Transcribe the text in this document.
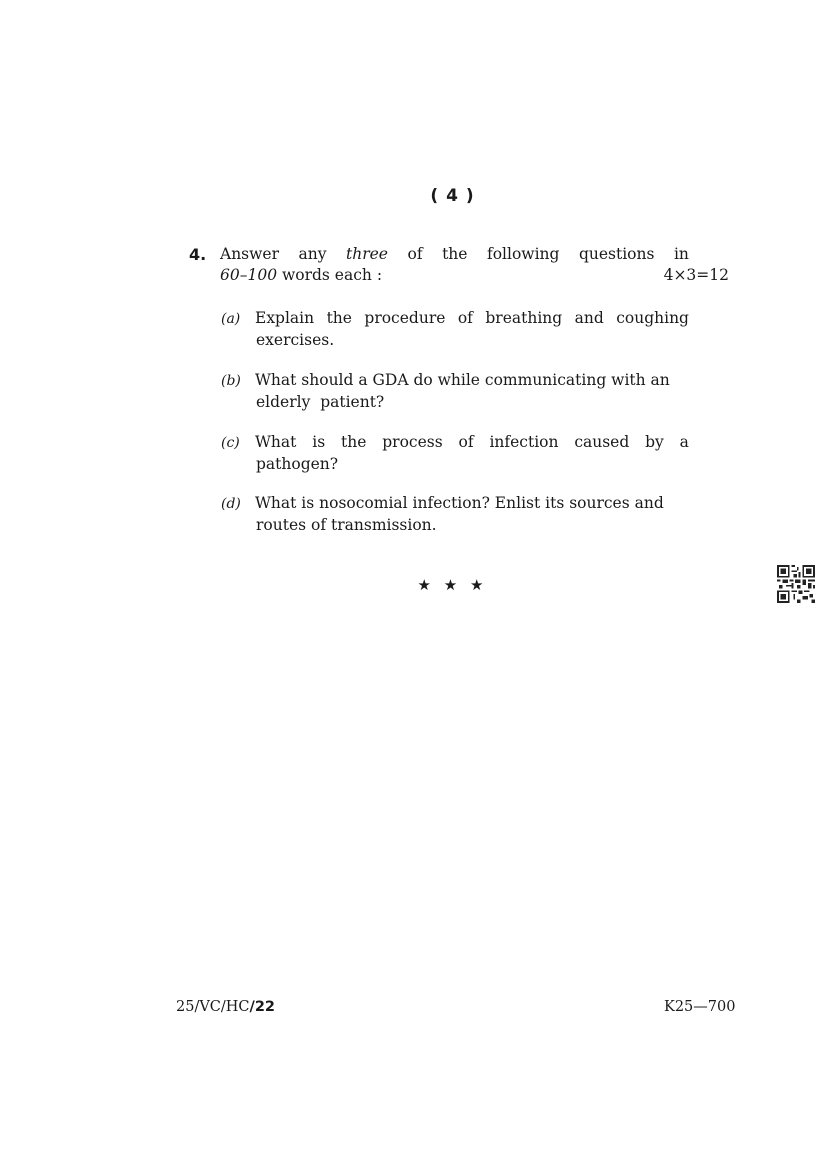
( 4 )
4. Answer any three of the following questions in
60–100 words each :	4×3=12
(a) Explain the procedure of breathing and coughing
exercises.
(b) What should a GDA do while communicating with an
elderly  patient?
(c) What is the process of infection caused by a
pathogen?
(d) What is nosocomial infection? Enlist its sources and
routes of transmission.
★ ★ ★
25/VC/HC/22	K25—700
